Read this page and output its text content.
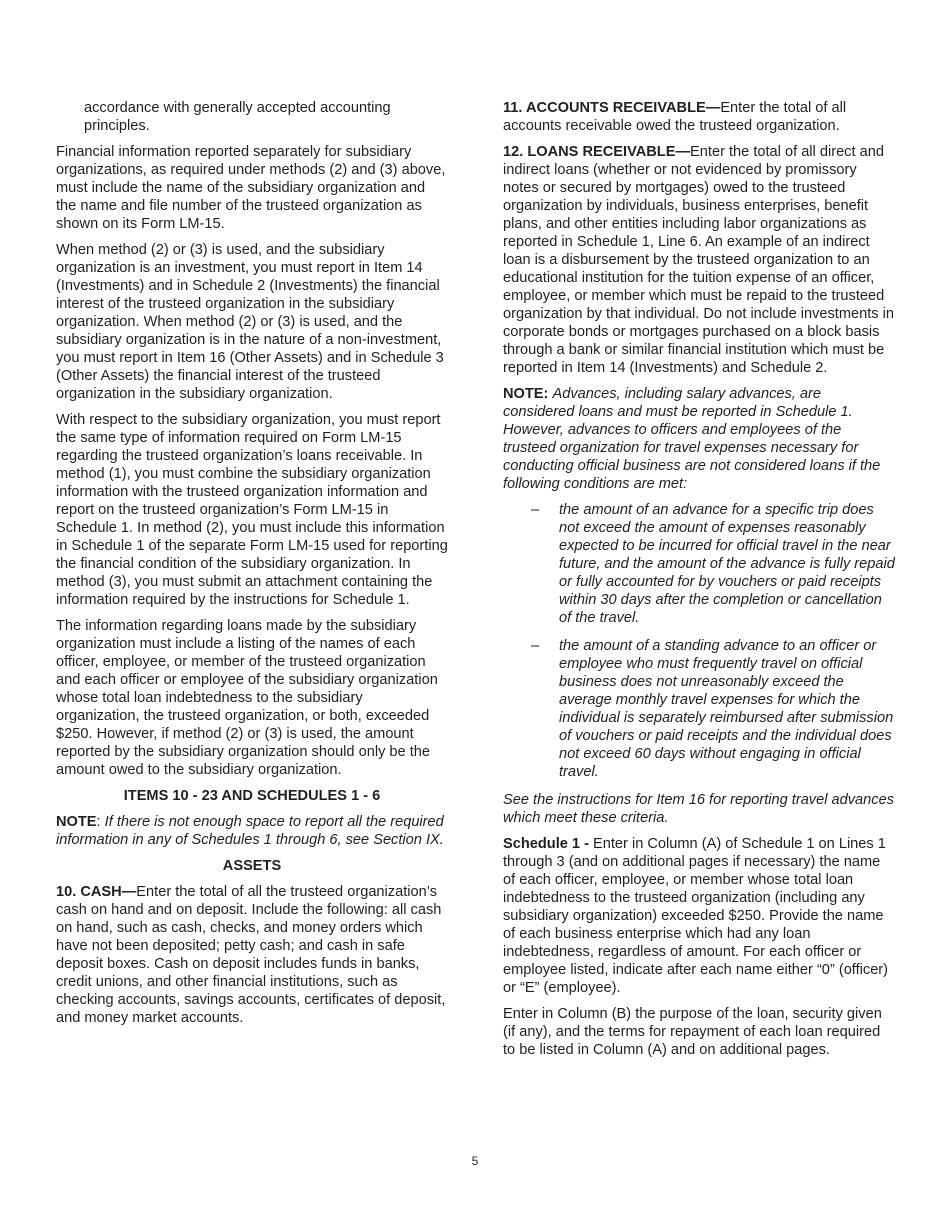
accordance with generally accepted accounting principles.

Financial information reported separately for subsidiary organizations, as required under methods (2) and (3) above, must include the name of the subsidiary organization and the name and file number of the trusteed organization as shown on its Form LM-15.

When method (2) or (3) is used, and the subsidiary organization is an investment, you must report in Item 14 (Investments) and in Schedule 2 (Investments) the financial interest of the trusteed organization in the subsidiary organization. When method (2) or (3) is used, and the subsidiary organization is in the nature of a non-investment, you must report in Item 16 (Other Assets) and in Schedule 3 (Other Assets) the financial interest of the trusteed organization in the subsidiary organization.

With respect to the subsidiary organization, you must report the same type of information required on Form LM-15 regarding the trusteed organization’s loans receivable. In method (1), you must combine the subsidiary organization information with the trusteed organization information and report on the trusteed organization’s Form LM-15 in Schedule 1. In method (2), you must include this information in Schedule 1 of the separate Form LM-15 used for reporting the financial condition of the subsidiary organization. In method (3), you must submit an attachment containing the information required by the instructions for Schedule 1.

The information regarding loans made by the subsidiary organization must include a listing of the names of each officer, employee, or member of the trusteed organization and each officer or employee of the subsidiary organization whose total loan indebtedness to the subsidiary organization, the trusteed organization, or both, exceeded $250. However, if method (2) or (3) is used, the amount reported by the subsidiary organization should only be the amount owed to the subsidiary organization.

ITEMS 10 - 23 AND SCHEDULES 1 - 6

NOTE: If there is not enough space to report all the required information in any of Schedules 1 through 6, see Section IX.

ASSETS

10. CASH—Enter the total of all the trusteed organization’s cash on hand and on deposit. Include the following: all cash on hand, such as cash, checks, and money orders which have not been deposited; petty cash; and cash in safe deposit boxes. Cash on deposit includes funds in banks, credit unions, and other financial institutions, such as checking accounts, savings accounts, certificates of deposit, and money market accounts.

11. ACCOUNTS RECEIVABLE—Enter the total of all accounts receivable owed the trusteed organization.

12. LOANS RECEIVABLE—Enter the total of all direct and indirect loans (whether or not evidenced by promissory notes or secured by mortgages) owed to the trusteed organization by individuals, business enterprises, benefit plans, and other entities including labor organizations as reported in Schedule 1, Line 6. An example of an indirect loan is a disbursement by the trusteed organization to an educational institution for the tuition expense of an officer, employee, or member which must be repaid to the trusteed organization by that individual. Do not include investments in corporate bonds or mortgages purchased on a block basis through a bank or similar financial institution which must be reported in Item 14 (Investments) and Schedule 2.

NOTE: Advances, including salary advances, are considered loans and must be reported in Schedule 1. However, advances to officers and employees of the trusteed organization for travel expenses necessary for conducting official business are not considered loans if the following conditions are met:

– the amount of an advance for a specific trip does not exceed the amount of expenses reasonably expected to be incurred for official travel in the near future, and the amount of the advance is fully repaid or fully accounted for by vouchers or paid receipts within 30 days after the completion or cancellation of the travel.
– the amount of a standing advance to an officer or employee who must frequently travel on official business does not unreasonably exceed the average monthly travel expenses for which the individual is separately reimbursed after submission of vouchers or paid receipts and the individual does not exceed 60 days without engaging in official travel.

See the instructions for Item 16 for reporting travel advances which meet these criteria.

Schedule 1 - Enter in Column (A) of Schedule 1 on Lines 1 through 3 (and on additional pages if necessary) the name of each officer, employee, or member whose total loan indebtedness to the trusteed organization (including any subsidiary organization) exceeded $250. Provide the name of each business enterprise which had any loan indebtedness, regardless of amount. For each officer or employee listed, indicate after each name either “0” (officer) or “E” (employee).

Enter in Column (B) the purpose of the loan, security given (if any), and the terms for repayment of each loan required to be listed in Column (A) and on additional pages.

5
